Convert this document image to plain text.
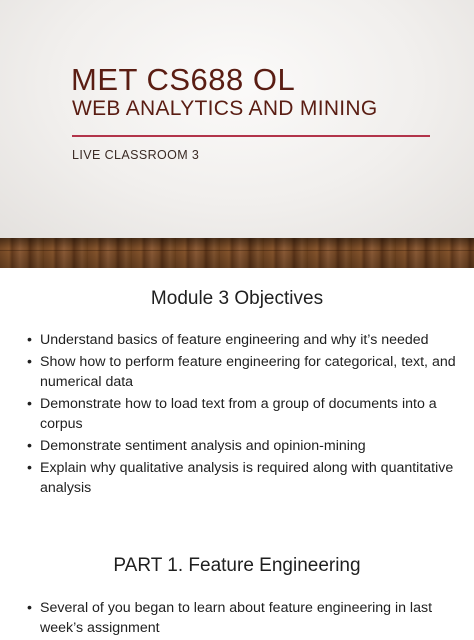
MET CS688 OL
WEB ANALYTICS AND MINING
LIVE CLASSROOM 3
Module 3 Objectives
• Understand basics of feature engineering and why it’s needed
• Show how to perform feature engineering for categorical, text, and numerical data
• Demonstrate how to load text from a group of documents into a corpus
• Demonstrate sentiment analysis and opinion-mining
• Explain why qualitative analysis is required along with quantitative analysis
PART 1. Feature Engineering
• Several of you began to learn about feature engineering in last week’s assignment
